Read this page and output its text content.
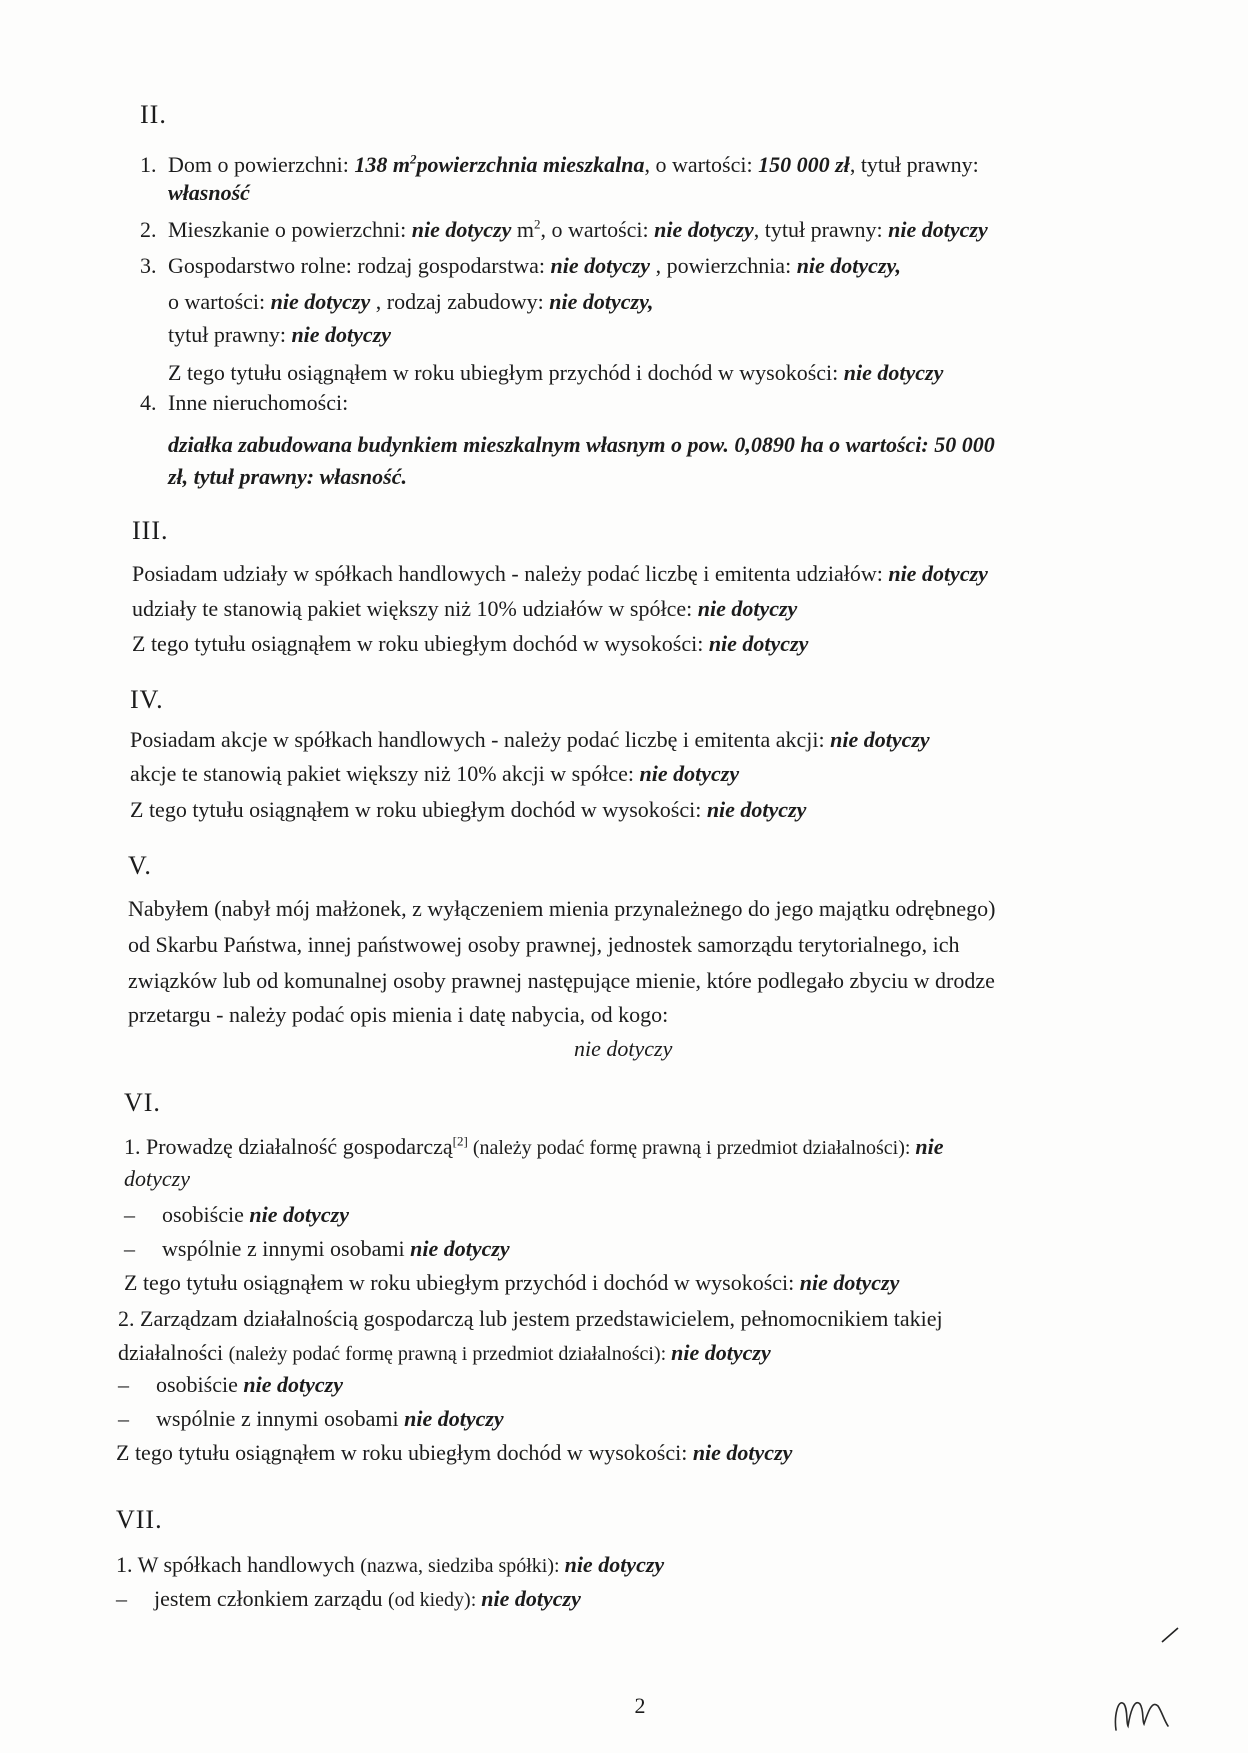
II.
1. Dom o powierzchni: 138 $m^2powierzchnia$ mieszkalna, o wartości: 150 000 zł, tytuł prawny:
własność
2. Mieszkanie o powierzchni: nie dotyczy $m^2$, o wartości: nie dotyczy, tytuł prawny: nie dotyczy
3. Gospodarstwo rolne: rodzaj gospodarstwa: nie dotyczy , powierzchnia: nie dotyczy,
o wartości: nie dotyczy , rodzaj zabudowy: nie dotyczy,
tytuł prawny: nie dotyczy
Z tego tytułu osiągnąłem w roku ubiegłym przychód i dochód w wysokości: nie dotyczy
4. Inne nieruchomości:
działka zabudowana budynkiem mieszkalnym własnym o pow. 0,0890 ha o wartości: 50 000
zł, tytuł prawny: własność.
III.
Posiadam udziały w spółkach handlowych - należy podać liczbę i emitenta udziałów: nie dotyczy
udziały te stanowią pakiet większy niż 10% udziałów w spółce: nie dotyczy
Z tego tytułu osiągnąłem w roku ubiegłym dochód w wysokości: nie dotyczy
IV.
Posiadam akcje w spółkach handlowych - należy podać liczbę i emitenta akcji: nie dotyczy
akcje te stanowią pakiet większy niż 10% akcji w spółce: nie dotyczy
Z tego tytułu osiągnąłem w roku ubiegłym dochód w wysokości: nie dotyczy
V.
Nabyłem (nabył mój małżonek, z wyłączeniem mienia przynależnego do jego majątku odrębnego)
od Skarbu Państwa, innej państwowej osoby prawnej, jednostek samorządu terytorialnego, ich
związków lub od komunalnej osoby prawnej następujące mienie, które podlegało zbyciu w drodze
przetargu - należy podać opis mienia i datę nabycia, od kogo:
nie dotyczy
VI.
1. Prowadzę działalność gospodarczą[2] (należy podać formę prawną i przedmiot działalności): nie
dotyczy
– osobiście nie dotyczy
– wspólnie z innymi osobami nie dotyczy
Z tego tytułu osiągnąłem w roku ubiegłym przychód i dochód w wysokości: nie dotyczy
2. Zarządzam działalnością gospodarczą lub jestem przedstawicielem, pełnomocnikiem takiej
działalności (należy podać formę prawną i przedmiot działalności): nie dotyczy
– osobiście nie dotyczy
– wspólnie z innymi osobami nie dotyczy
Z tego tytułu osiągnąłem w roku ubiegłym dochód w wysokości: nie dotyczy
VII.
1. W spółkach handlowych (nazwa, siedziba spółki): nie dotyczy
– jestem członkiem zarządu (od kiedy): nie dotyczy
2
